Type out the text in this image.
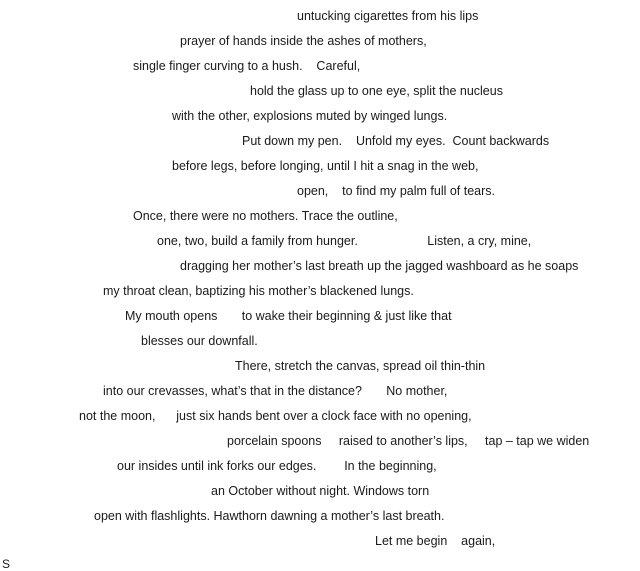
untucking cigarettes from his lips
prayer of hands inside the ashes of mothers,
single finger curving to a hush.    Careful,
hold the glass up to one eye, split the nucleus
with the other, explosions muted by winged lungs.
Put down my pen.    Unfold my eyes.  Count backwards
before legs, before longing, until I hit a snag in the web,
open,    to find my palm full of tears.
Once, there were no mothers. Trace the outline,
one, two, build a family from hunger.                    Listen, a cry, mine,
dragging her mother’s last breath up the jagged washboard as he soaps
my throat clean, baptizing his mother’s blackened lungs.
My mouth opens       to wake their beginning & just like that
blesses our downfall.
There, stretch the canvas, spread oil thin-thin
into our crevasses, what’s that in the distance?       No mother,
not the moon,      just six hands bent over a clock face with no opening,
porcelain spoons     raised to another’s lips,     tap – tap we widen
our insides until ink forks our edges.        In the beginning,
an October without night. Windows torn
open with flashlights. Hawthorn dawning a mother’s last breath.
Let me begin    again,
S
